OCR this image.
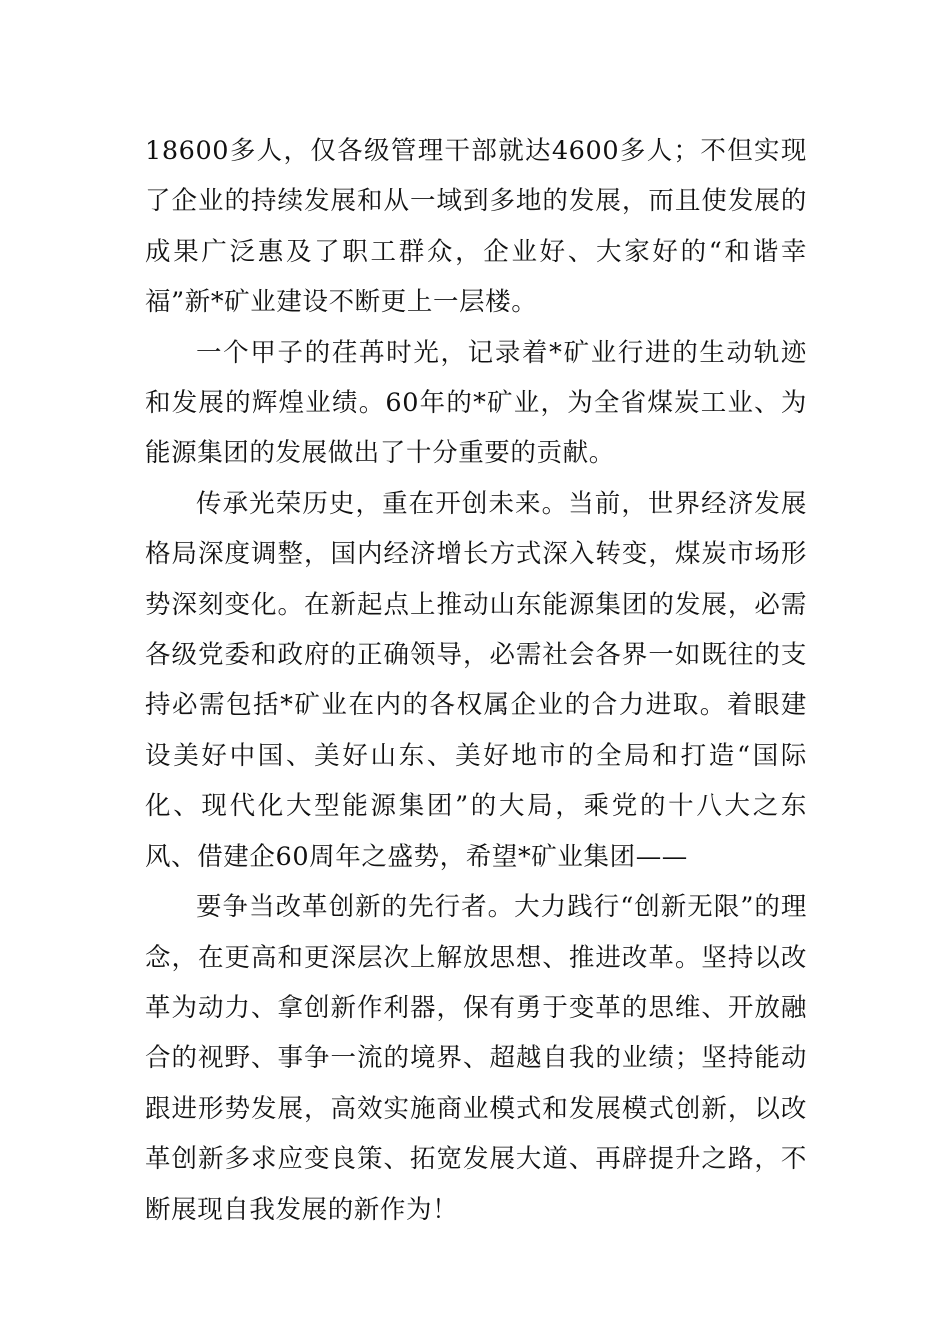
18600多人，仅各级管理干部就达4600多人；不但实现了企业的持续发展和从一域到多地的发展，而且使发展的成果广泛惠及了职工群众，企业好、大家好的“和谐幸福”新*矿业建设不断更上一层楼。

一个甲子的荏苒时光，记录着*矿业行进的生动轨迹和发展的辉煌业绩。60年的*矿业，为全省煤炭工业、为能源集团的发展做出了十分重要的贡献。

传承光荣历史，重在开创未来。当前，世界经济发展格局深度调整，国内经济增长方式深入转变，煤炭市场形势深刻变化。在新起点上推动山东能源集团的发展，必需各级党委和政府的正确领导，必需社会各界一如既往的支持必需包括*矿业在内的各权属企业的合力进取。着眼建设美好中国、美好山东、美好地市的全局和打造“国际化、现代化大型能源集团”的大局，乘党的十八大之东风、借建企60周年之盛势，希望*矿业集团——

要争当改革创新的先行者。大力践行“创新无限”的理念，在更高和更深层次上解放思想、推进改革。坚持以改革为动力、拿创新作利器，保有勇于变革的思维、开放融合的视野、事争一流的境界、超越自我的业绩；坚持能动跟进形势发展，高效实施商业模式和发展模式创新，以改革创新多求应变良策、拓宽发展大道、再辟提升之路，不断展现自我发展的新作为！
